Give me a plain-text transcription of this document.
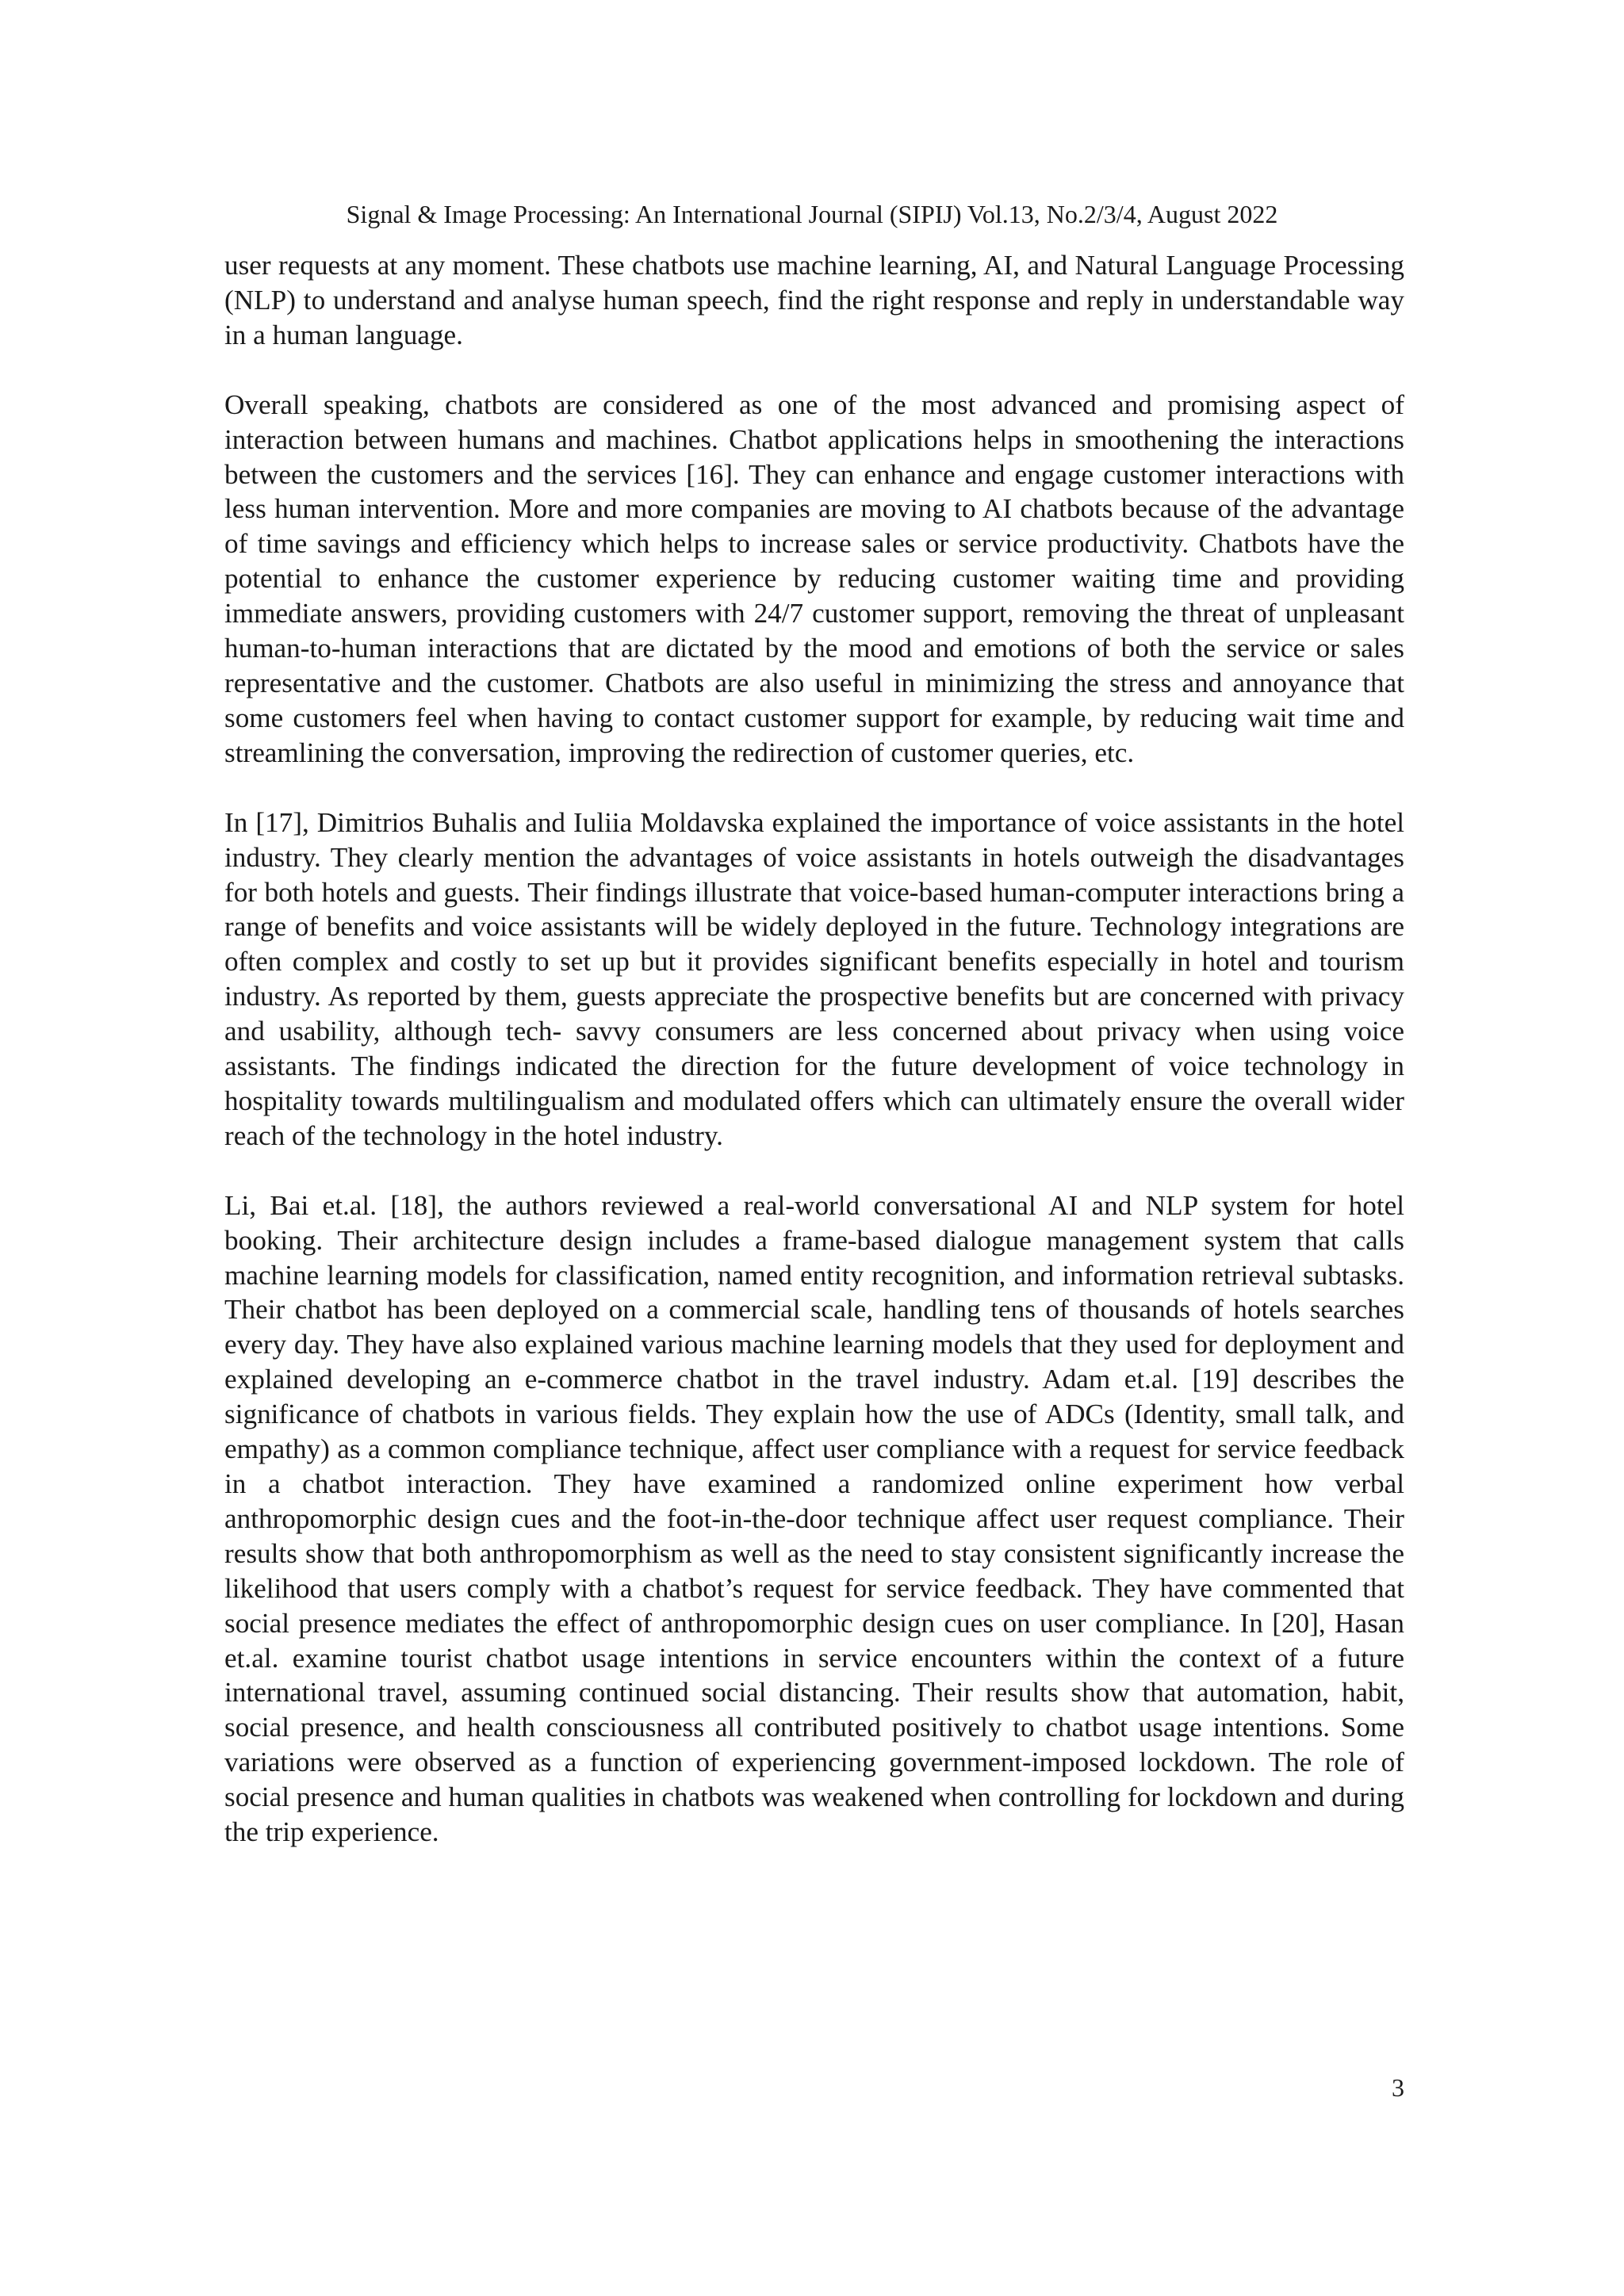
Signal & Image Processing: An International Journal (SIPIJ) Vol.13, No.2/3/4, August 2022

user requests at any moment. These chatbots use machine learning, AI, and Natural Language Processing (NLP) to understand and analyse human speech, find the right response and reply in understandable way in a human language.

Overall speaking, chatbots are considered as one of the most advanced and promising aspect of interaction between humans and machines. Chatbot applications helps in smoothening the interactions between the customers and the services [16]. They can enhance and engage customer interactions with less human intervention. More and more companies are moving to AI chatbots because of the advantage of time savings and efficiency which helps to increase sales or service productivity. Chatbots have the potential to enhance the customer experience by reducing customer waiting time and providing immediate answers, providing customers with 24/7 customer support, removing the threat of unpleasant human-to-human interactions that are dictated by the mood and emotions of both the service or sales representative and the customer. Chatbots are also useful in minimizing the stress and annoyance that some customers feel when having to contact customer support for example, by reducing wait time and streamlining the conversation, improving the redirection of customer queries, etc.

In [17], Dimitrios Buhalis and Iuliia Moldavska explained the importance of voice assistants in the hotel industry. They clearly mention the advantages of voice assistants in hotels outweigh the disadvantages for both hotels and guests. Their findings illustrate that voice-based human-computer interactions bring a range of benefits and voice assistants will be widely deployed in the future. Technology integrations are often complex and costly to set up but it provides significant benefits especially in hotel and tourism industry. As reported by them, guests appreciate the prospective benefits but are concerned with privacy and usability, although tech- savvy consumers are less concerned about privacy when using voice assistants. The findings indicated the direction for the future development of voice technology in hospitality towards multilingualism and modulated offers which can ultimately ensure the overall wider reach of the technology in the hotel industry.

Li, Bai et.al. [18], the authors reviewed a real-world conversational AI and NLP system for hotel booking. Their architecture design includes a frame-based dialogue management system that calls machine learning models for classification, named entity recognition, and information retrieval subtasks. Their chatbot has been deployed on a commercial scale, handling tens of thousands of hotels searches every day. They have also explained various machine learning models that they used for deployment and explained developing an e-commerce chatbot in the travel industry. Adam et.al. [19] describes the significance of chatbots in various fields. They explain how the use of ADCs (Identity, small talk, and empathy) as a common compliance technique, affect user compliance with a request for service feedback in a chatbot interaction. They have examined a randomized online experiment how verbal anthropomorphic design cues and the foot-in-the-door technique affect user request compliance. Their results show that both anthropomorphism as well as the need to stay consistent significantly increase the likelihood that users comply with a chatbot’s request for service feedback. They have commented that social presence mediates the effect of anthropomorphic design cues on user compliance. In [20], Hasan et.al. examine tourist chatbot usage intentions in service encounters within the context of a future international travel, assuming continued social distancing. Their results show that automation, habit, social presence, and health consciousness all contributed positively to chatbot usage intentions. Some variations were observed as a function of experiencing government-imposed lockdown. The role of social presence and human qualities in chatbots was weakened when controlling for lockdown and during the trip experience.

3
